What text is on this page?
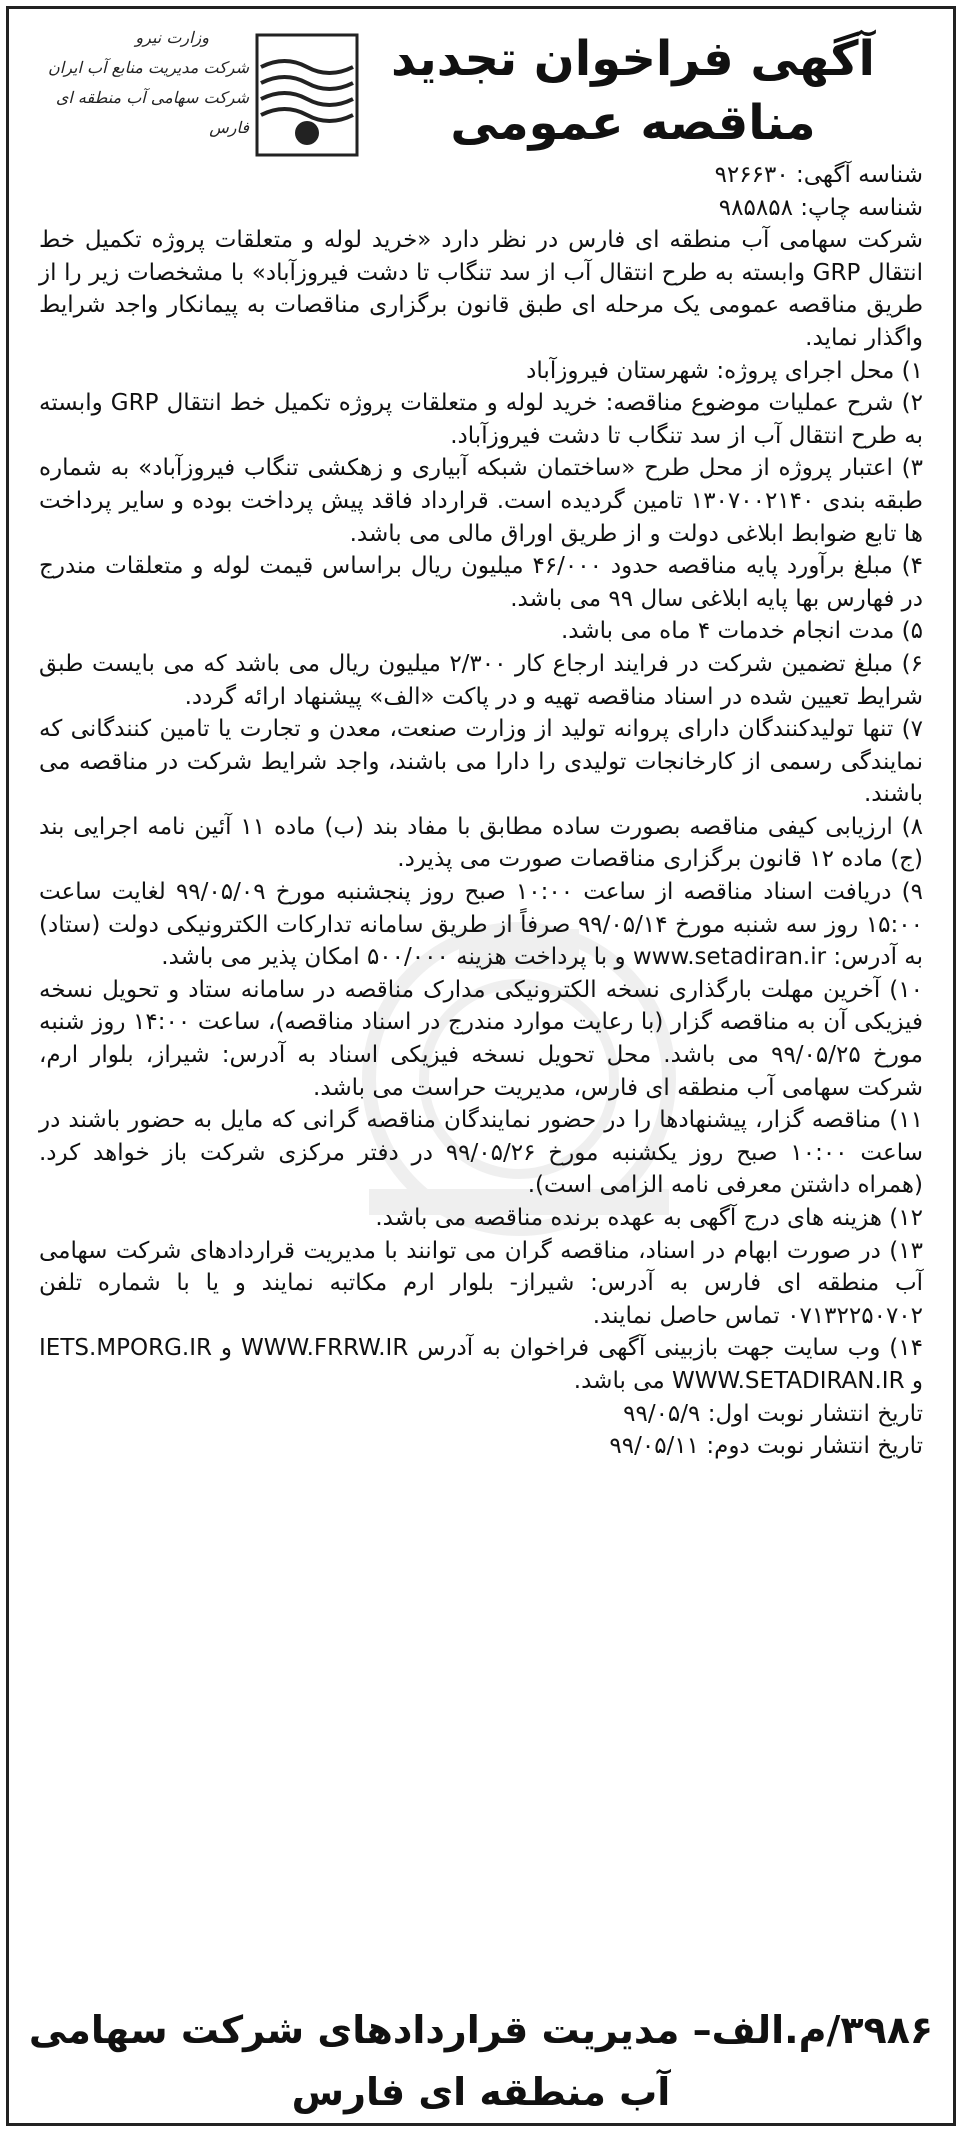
آگهی فراخوان تجدید
مناقصه عمومی
وزارت نیرو
شرکت مدیریت منابع آب ایران
شرکت سهامی آب منطقه ای فارس

شناسه آگهی: ۹۲۶۶۳۰

شناسه چاپ: ۹۸۵۸۵۸

شرکت سهامی آب منطقه ای فارس در نظر دارد «خرید لوله و متعلقات پروژه تکمیل خط انتقال GRP وابسته به طرح انتقال آب از سد تنگاب تا دشت فیروزآباد» با مشخصات زیر را از طریق مناقصه عمومی یک مرحله ای طبق قانون برگزاری مناقصات به پیمانکار واجد شرایط واگذار نماید.

۱) محل اجرای پروژه: شهرستان فیروزآباد

۲) شرح عملیات موضوع مناقصه: خرید لوله و متعلقات پروژه تکمیل خط انتقال GRP وابسته به طرح انتقال آب از سد تنگاب تا دشت فیروزآباد.

۳) اعتبار پروژه از محل طرح «ساختمان شبکه آبیاری و زهکشی تنگاب فیروزآباد» به شماره طبقه بندی ۱۳۰۷۰۰۲۱۴۰ تامین گردیده است. قرارداد فاقد پیش پرداخت بوده و سایر پرداخت ها تابع ضوابط ابلاغی دولت و از طریق اوراق مالی می باشد.

۴) مبلغ برآورد پایه مناقصه حدود ۴۶/۰۰۰ میلیون ریال براساس قیمت لوله و متعلقات مندرج در فهارس بها پایه ابلاغی سال ۹۹ می باشد.

۵) مدت انجام خدمات ۴ ماه می باشد.

۶) مبلغ تضمین شرکت در فرایند ارجاع کار ۲/۳۰۰ میلیون ریال می باشد که می بایست طبق شرایط تعیین شده در اسناد مناقصه تهیه و در پاکت «الف» پیشنهاد ارائه گردد.

۷) تنها تولیدکنندگان دارای پروانه تولید از وزارت صنعت، معدن و تجارت یا تامین کنندگانی که نمایندگی رسمی از کارخانجات تولیدی را دارا می باشند، واجد شرایط شرکت در مناقصه می باشند.

۸) ارزیابی کیفی مناقصه بصورت ساده مطابق با مفاد بند (ب) ماده ۱۱ آئین نامه اجرایی بند (ج) ماده ۱۲ قانون برگزاری مناقصات صورت می پذیرد.

۹) دریافت اسناد مناقصه از ساعت ۱۰:۰۰ صبح روز پنجشنبه مورخ ۹۹/۰۵/۰۹ لغایت ساعت ۱۵:۰۰ روز سه شنبه مورخ ۹۹/۰۵/۱۴ صرفاً از طریق سامانه تدارکات الکترونیکی دولت (ستاد) به آدرس: www.setadiran.ir و با پرداخت هزینه ۵۰۰/۰۰۰ امکان پذیر می باشد.

۱۰) آخرین مهلت بارگذاری نسخه الکترونیکی مدارک مناقصه در سامانه ستاد و تحویل نسخه فیزیکی آن به مناقصه گزار (با رعایت موارد مندرج در اسناد مناقصه)، ساعت ۱۴:۰۰ روز شنبه مورخ ۹۹/۰۵/۲۵ می باشد. محل تحویل نسخه فیزیکی اسناد به آدرس: شیراز، بلوار ارم، شرکت سهامی آب منطقه ای فارس، مدیریت حراست می باشد.

۱۱) مناقصه گزار، پیشنهادها را در حضور نمایندگان مناقصه گرانی که مایل به حضور باشند در ساعت ۱۰:۰۰ صبح روز یکشنبه مورخ ۹۹/۰۵/۲۶ در دفتر مرکزی شرکت باز خواهد کرد. (همراه داشتن معرفی نامه الزامی است).

۱۲) هزینه های درج آگهی به عهده برنده مناقصه می باشد.

۱۳) در صورت ابهام در اسناد، مناقصه گران می توانند با مدیریت قراردادهای شرکت سهامی آب منطقه ای فارس به آدرس: شیراز- بلوار ارم مکاتبه نمایند و یا با شماره تلفن ۰۷۱۳۲۲۵۰۷۰۲ تماس حاصل نمایند.

۱۴) وب سایت جهت بازبینی آگهی فراخوان به آدرس WWW.FRRW.IR و IETS.MPORG.IR و WWW.SETADIRAN.IR می باشد.

تاریخ انتشار نوبت اول: ۹۹/۰۵/۹

تاریخ انتشار نوبت دوم: ۹۹/۰۵/۱۱

۳۹۸۶/م.الف– مدیریت قراردادهای شرکت سهامی
آب منطقه ای فارس
